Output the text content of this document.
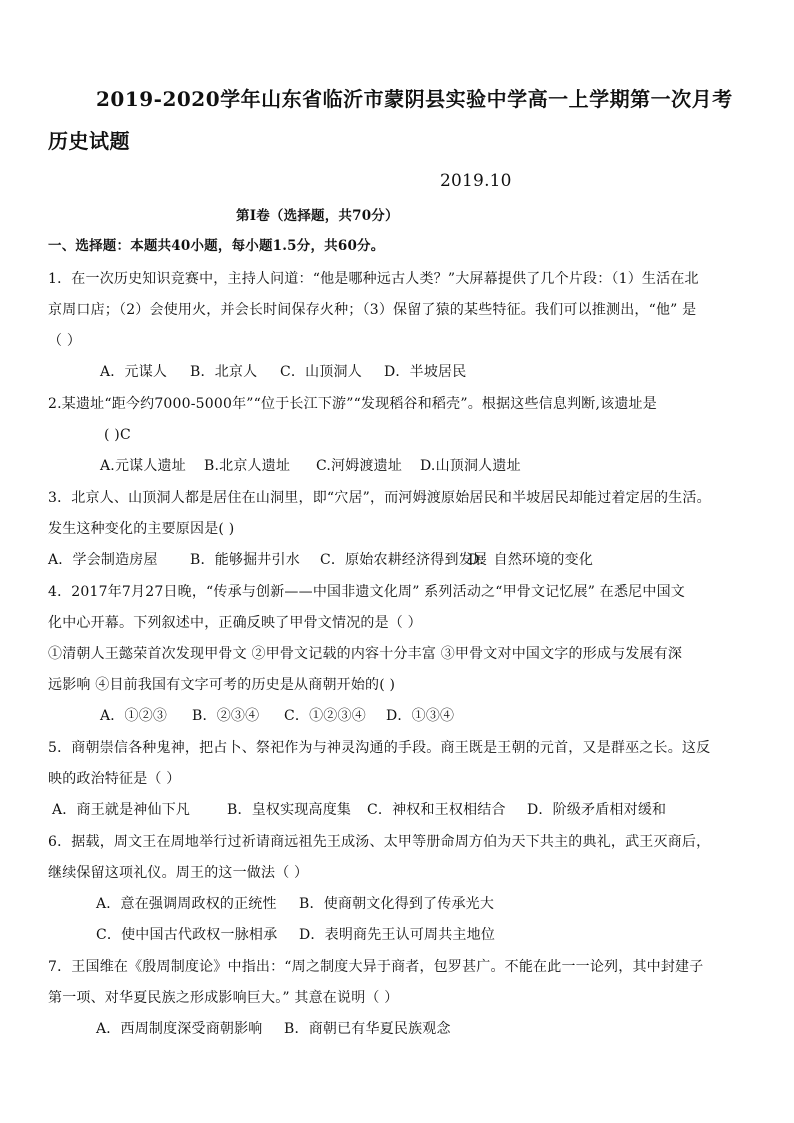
2019-2020学年山东省临沂市蒙阴县实验中学高一上学期第一次月考
历史试题
2019.10
第Ⅰ卷（选择题，共70分）
一、选择题：本题共40小题，每小题1.5分，共60分。
1．在一次历史知识竞赛中，主持人问道：“他是哪种远古人类？”大屏幕提供了几个片段：（1）生活在北
京周口店；（2）会使用火，并会长时间保存火种；（3）保留了猿的某些特征。我们可以推测出，“他” 是
（ ）
A．元谋人 B．北京人 C．山顶洞人 D．半坡居民
2.某遗址“距今约7000-5000年”“位于长江下游”“发现稻谷和稻壳”。根据这些信息判断,该遗址是
( )C
A.元谋人遗址 B.北京人遗址 C.河姆渡遗址 D.山顶洞人遗址
3．北京人、山顶洞人都是居住在山洞里，即“穴居”，而河姆渡原始居民和半坡居民却能过着定居的生活。
发生这种变化的主要原因是( )
A．学会制造房屋 B．能够掘井引水 C．原始农耕经济得到发展D．自然环境的变化
4．2017年7月27日晚，“传承与创新——中国非遗文化周” 系列活动之“甲骨文记忆展” 在悉尼中国文
化中心开幕。下列叙述中，正确反映了甲骨文情况的是（ ）
①清朝人王懿荣首次发现甲骨文 ②甲骨文记载的内容十分丰富 ③甲骨文对中国文字的形成与发展有深
远影响 ④目前我国有文字可考的历史是从商朝开始的( )
A．①②③ B．②③④ C．①②③④ D．①③④
5．商朝崇信各种鬼神，把占卜、祭祀作为与神灵沟通的手段。商王既是王朝的元首，又是群巫之长。这反
映的政治特征是（ ）
A．商王就是神仙下凡	B．皇权实现高度集 C．神权和王权相结合 D．阶级矛盾相对缓和
6．据载，周文王在周地举行过祈请商远祖先王成汤、太甲等册命周方伯为天下共主的典礼，武王灭商后，
继续保留这项礼仪。周王的这一做法（ ）
A．意在强调周政权的正统性 B．使商朝文化得到了传承光大
C．使中国古代政权一脉相承 D．表明商先王认可周共主地位
7．王国维在《殷周制度论》中指出：“周之制度大异于商者，包罗甚广。不能在此一一论列，其中封建子
第一项、对华夏民族之形成影响巨大。” 其意在说明（ ）
A．西周制度深受商朝影响 B．商朝已有华夏民族观念
